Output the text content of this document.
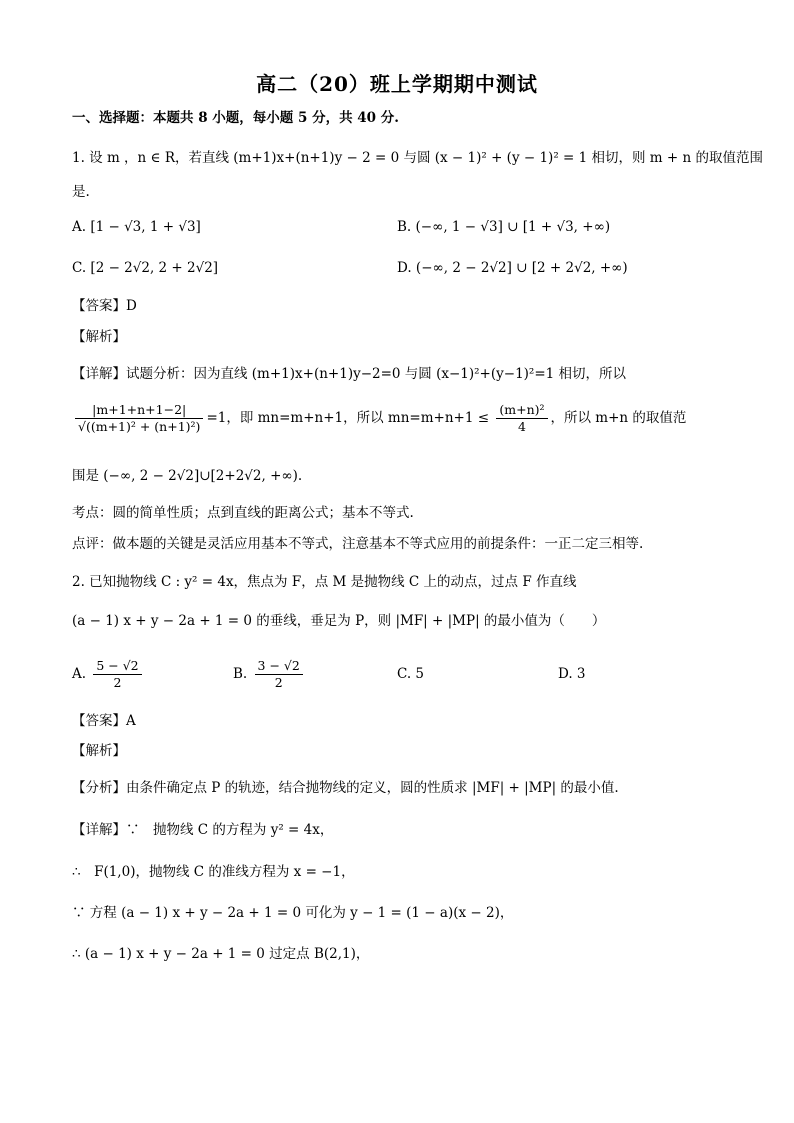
高二（20）班上学期期中测试
一、选择题：本题共 8 小题，每小题 5 分，共 40 分.
1. 设 m ，n ∈ R，若直线 (m+1)x+(n+1)y − 2 = 0 与圆 (x − 1)² + (y − 1)² = 1 相切，则 m + n 的取值范围
是.
A. [1 − √3, 1 + √3]	B. (−∞, 1 − √3] ∪ [1 + √3, +∞)
C. [2 − 2√2, 2 + 2√2]	D. (−∞, 2 − 2√2] ∪ [2 + 2√2, +∞)
【答案】D
【解析】
【详解】试题分析：因为直线 (m+1)x+(n+1)y−2=0 与圆 (x−1)²+(y−1)²=1 相切，所以
$\frac{|m+1+n+1-2|}{\text{√((m+1)² + (n+1)²)}} =1$，即 mn=m+n+1，所以 $mn=m+n+1 \le \frac{\text{(m+n)²}}{4}$ ，所以 m+n 的取值范
围是 (−∞, 2 − 2√2]∪[2+2√2, +∞).
考点：圆的简单性质；点到直线的距离公式；基本不等式.
点评：做本题的关键是灵活应用基本不等式，注意基本不等式应用的前提条件：一正二定三相等.
2. 已知抛物线 C : y² = 4x，焦点为 F，点 M 是抛物线 C 上的动点，过点 F 作直线
(a − 1) x + y − 2a + 1 = 0 的垂线，垂足为 P，则 |MF| + |MP| 的最小值为（　　）
A. $\frac{5 - √2}{2}$	B. $\frac{3 - √2}{2}$	C. 5	D. 3
【答案】A
【解析】
【分析】由条件确定点 P 的轨迹，结合抛物线的定义，圆的性质求 |MF| + |MP| 的最小值.
【详解】∵　抛物线 C 的方程为 y² = 4x，
∴　F(1,0)，抛物线 C 的准线方程为 x = −1，
∵ 方程 (a − 1) x + y − 2a + 1 = 0 可化为 y − 1 = (1 − a)(x − 2)，
∴ (a − 1) x + y − 2a + 1 = 0 过定点 B(2,1)，
